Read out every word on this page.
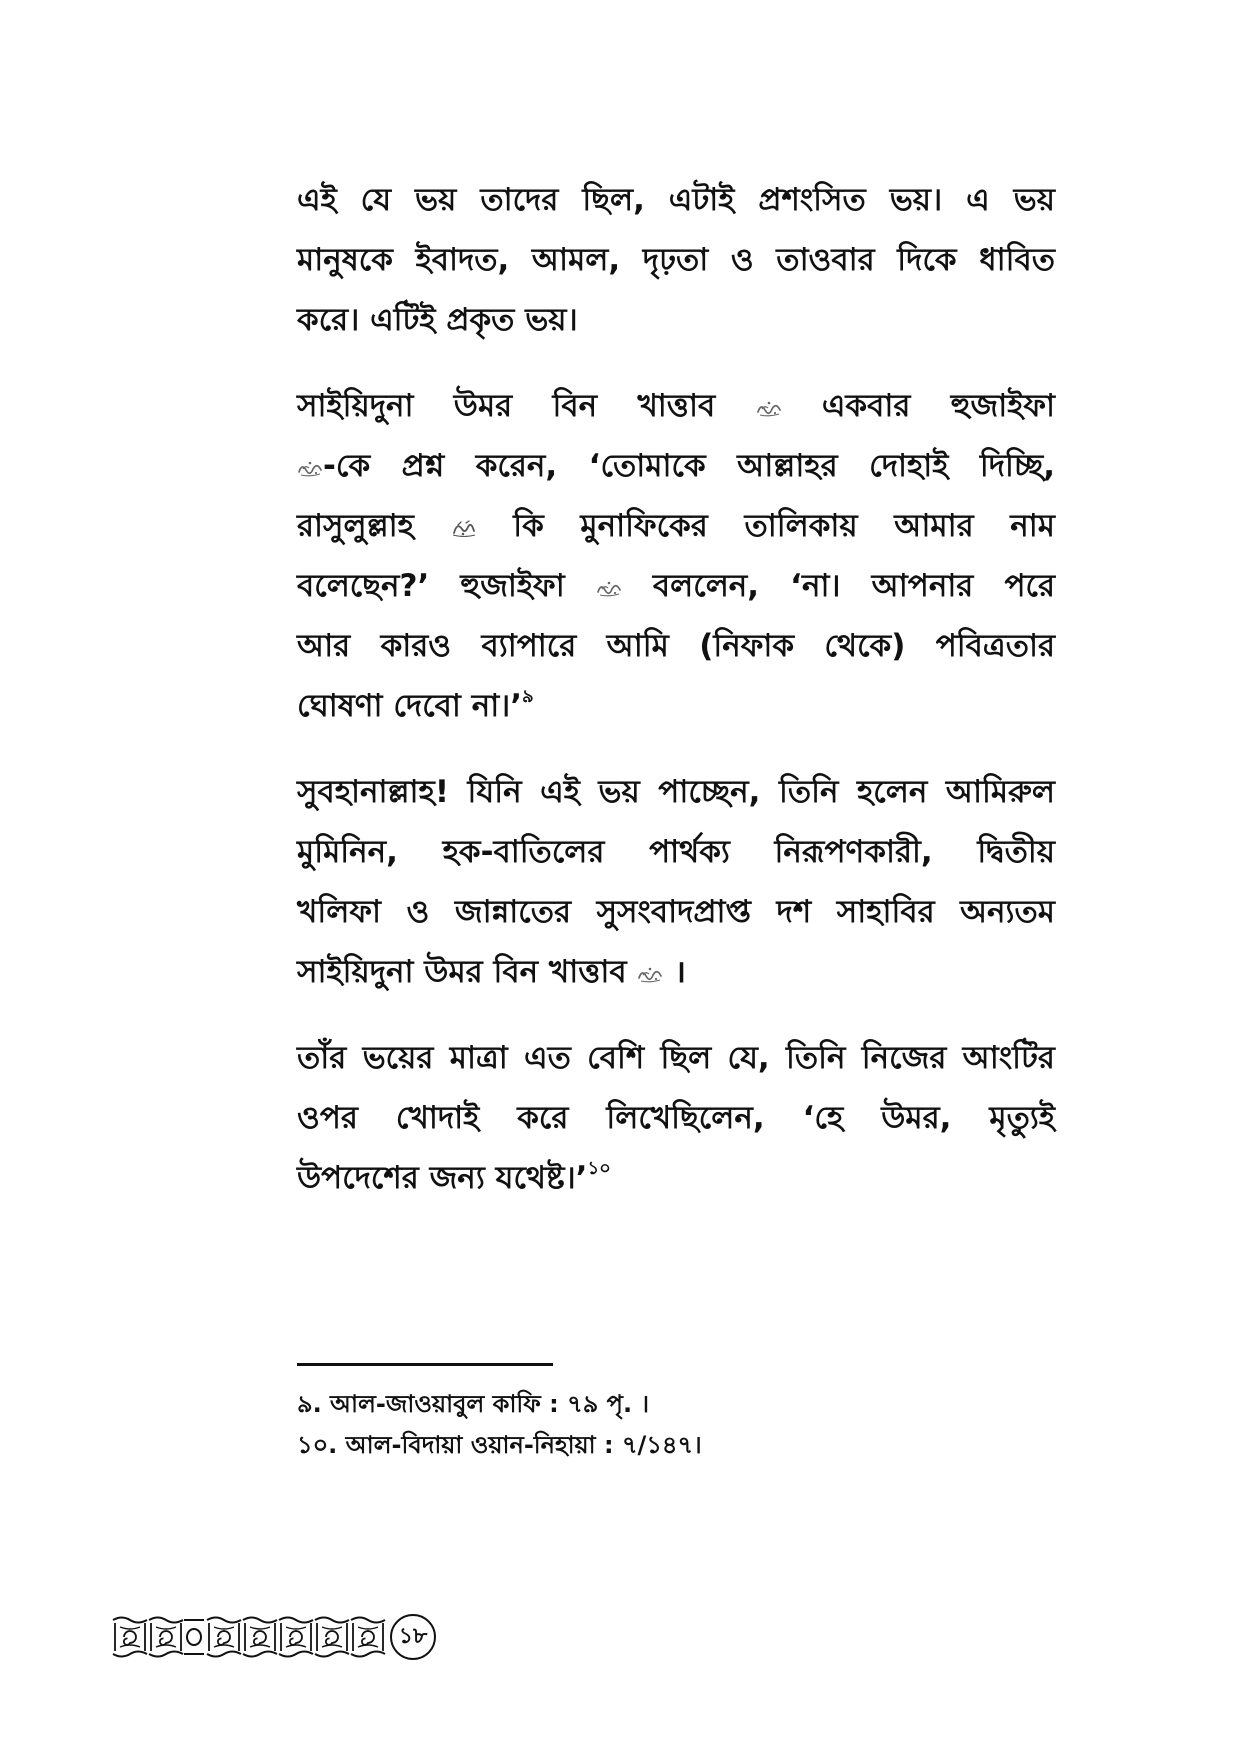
এই যে ভয় তাদের ছিল, এটাই প্রশংসিত ভয়। এ ভয়
মানুষকে ইবাদত, আমল, দৃঢ়তা ও তাওবার দিকে ধাবিত
করে। এটিই প্রকৃত ভয়।
সাইয়িদুনা উমর বিন খাত্তাব	একবার হুজাইফা
-কে প্রশ্ন করেন, ‘তোমাকে আল্লাহর দোহাই দিচ্ছি,
রাসুলুল্লাহ	কি মুনাফিকের তালিকায় আমার নাম
বলেছেন?’ হুজাইফা	বললেন, ‘না। আপনার পরে
আর কারও ব্যাপারে আমি (নিফাক থেকে) পবিত্রতার
ঘোষণা দেবো না।’$^৯$
সুবহানাল্লাহ! যিনি এই ভয় পাচ্ছেন, তিনি হলেন আমিরুল
মুমিনিন, হক-বাতিলের পার্থক্য নিরূপণকারী, দ্বিতীয়
খলিফা ও জান্নাতের সুসংবাদপ্রাপ্ত দশ সাহাবির অন্যতম
সাইয়িদুনা উমর বিন খাত্তাব ।
তাঁর ভয়ের মাত্রা এত বেশি ছিল যে, তিনি নিজের আংটির
ওপর খোদাই করে লিখেছিলেন, ‘হে উমর, মৃত্যুই
উপদেশের জন্য যথেষ্ট।’$^{১০}$
৯. আল-জাওয়াবুল কাফি : ৭৯ পৃ. ।
১০. আল-বিদায়া ওয়ান-নিহায়া : ৭/১৪৭।
১৮
